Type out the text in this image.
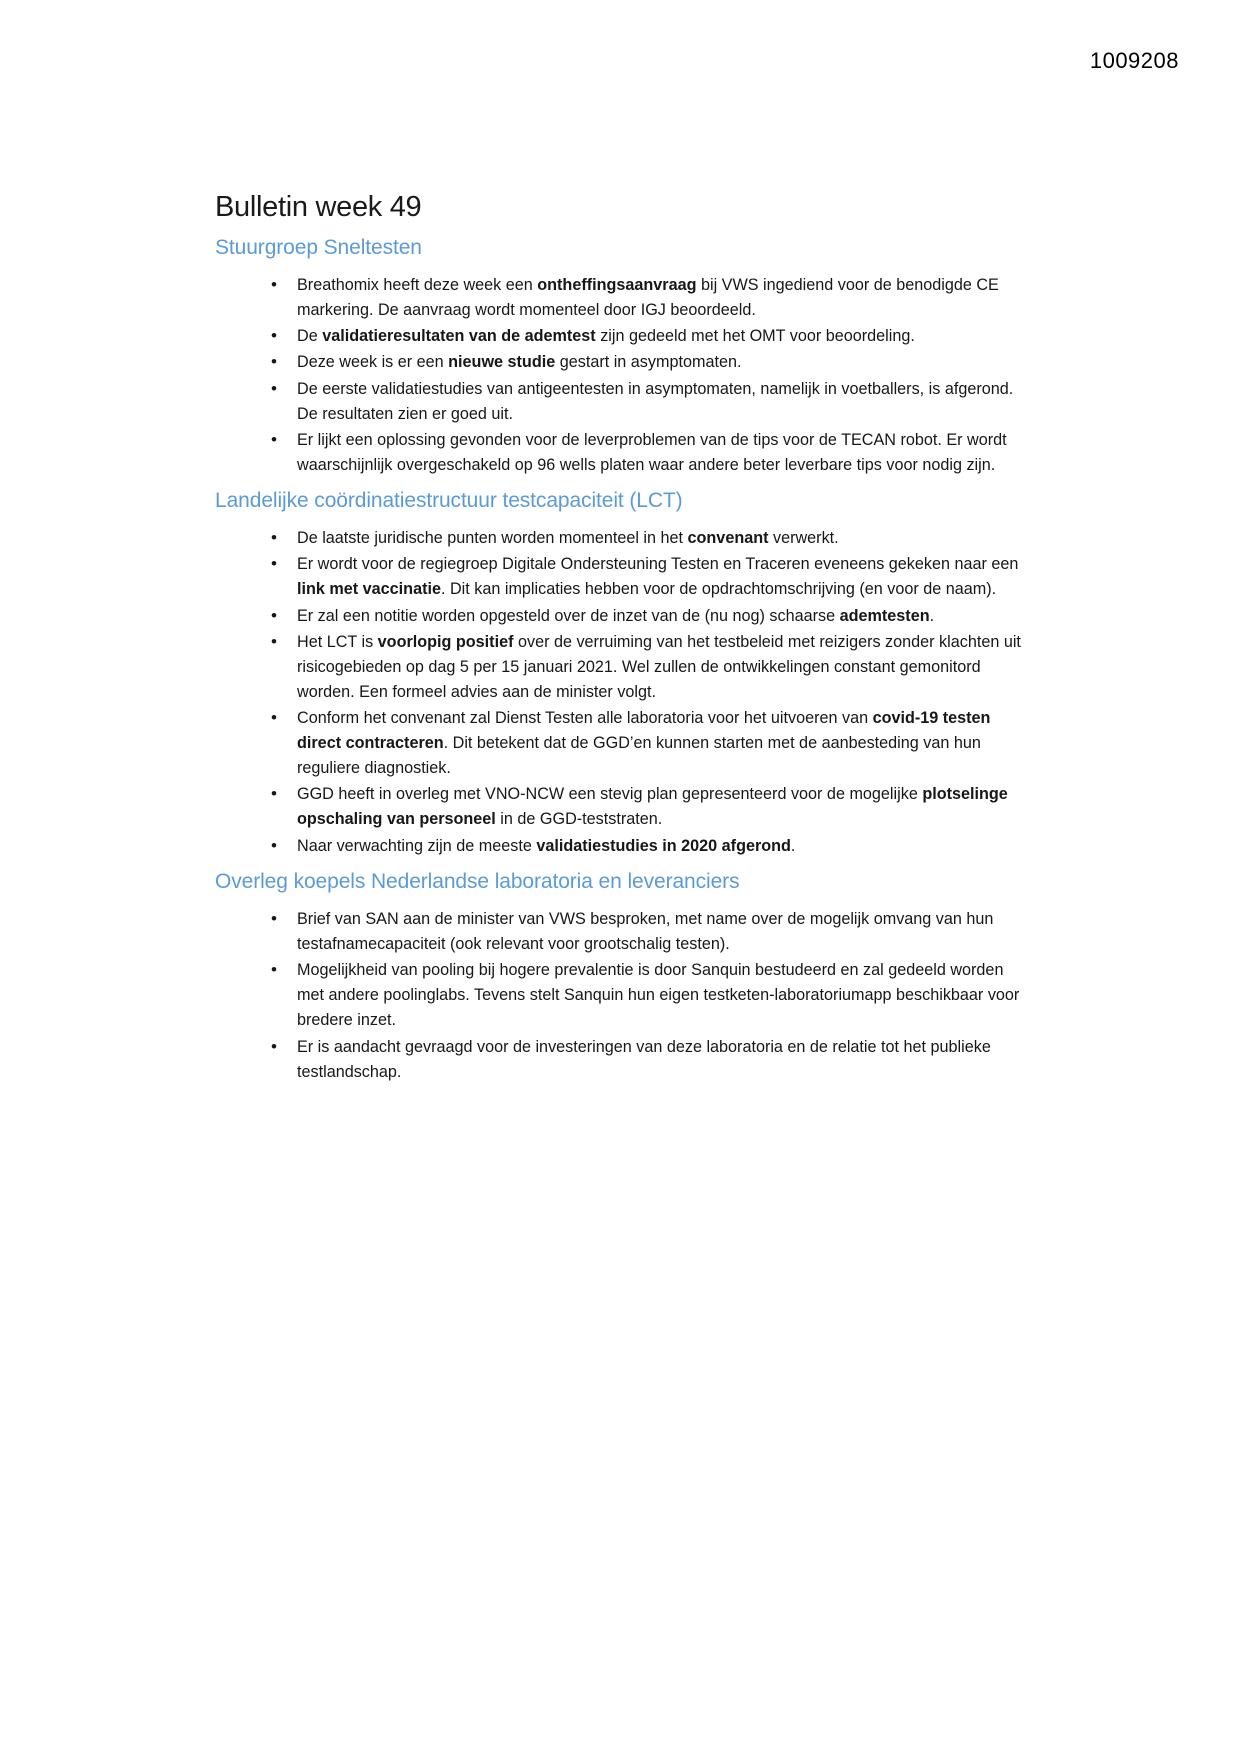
1009208
Bulletin week 49
Stuurgroep Sneltesten
• Breathomix heeft deze week een ontheffingsaanvraag bij VWS ingediend voor de benodigde CE markering. De aanvraag wordt momenteel door IGJ beoordeeld.
• De validatieresultaten van de ademtest zijn gedeeld met het OMT voor beoordeling.
• Deze week is er een nieuwe studie gestart in asymptomaten.
• De eerste validatiestudies van antigeentesten in asymptomaten, namelijk in voetballers, is afgerond. De resultaten zien er goed uit.
• Er lijkt een oplossing gevonden voor de leverproblemen van de tips voor de TECAN robot. Er wordt waarschijnlijk overgeschakeld op 96 wells platen waar andere beter leverbare tips voor nodig zijn.
Landelijke coördinatiestructuur testcapaciteit (LCT)
• De laatste juridische punten worden momenteel in het convenant verwerkt.
• Er wordt voor de regiegroep Digitale Ondersteuning Testen en Traceren eveneens gekeken naar een link met vaccinatie. Dit kan implicaties hebben voor de opdrachtomschrijving (en voor de naam).
• Er zal een notitie worden opgesteld over de inzet van de (nu nog) schaarse ademtesten.
• Het LCT is voorlopig positief over de verruiming van het testbeleid met reizigers zonder klachten uit risicogebieden op dag 5 per 15 januari 2021. Wel zullen de ontwikkelingen constant gemonitord worden. Een formeel advies aan de minister volgt.
• Conform het convenant zal Dienst Testen alle laboratoria voor het uitvoeren van covid-19 testen direct contracteren. Dit betekent dat de GGD’en kunnen starten met de aanbesteding van hun reguliere diagnostiek.
• GGD heeft in overleg met VNO-NCW een stevig plan gepresenteerd voor de mogelijke plotselinge opschaling van personeel in de GGD-teststraten.
• Naar verwachting zijn de meeste validatiestudies in 2020 afgerond.
Overleg koepels Nederlandse laboratoria en leveranciers
• Brief van SAN aan de minister van VWS besproken, met name over de mogelijk omvang van hun testafnamecapaciteit (ook relevant voor grootschalig testen).
• Mogelijkheid van pooling bij hogere prevalentie is door Sanquin bestudeerd en zal gedeeld worden met andere poolinglabs. Tevens stelt Sanquin hun eigen testketen-laboratoriumapp beschikbaar voor bredere inzet.
• Er is aandacht gevraagd voor de investeringen van deze laboratoria en de relatie tot het publieke testlandschap.
